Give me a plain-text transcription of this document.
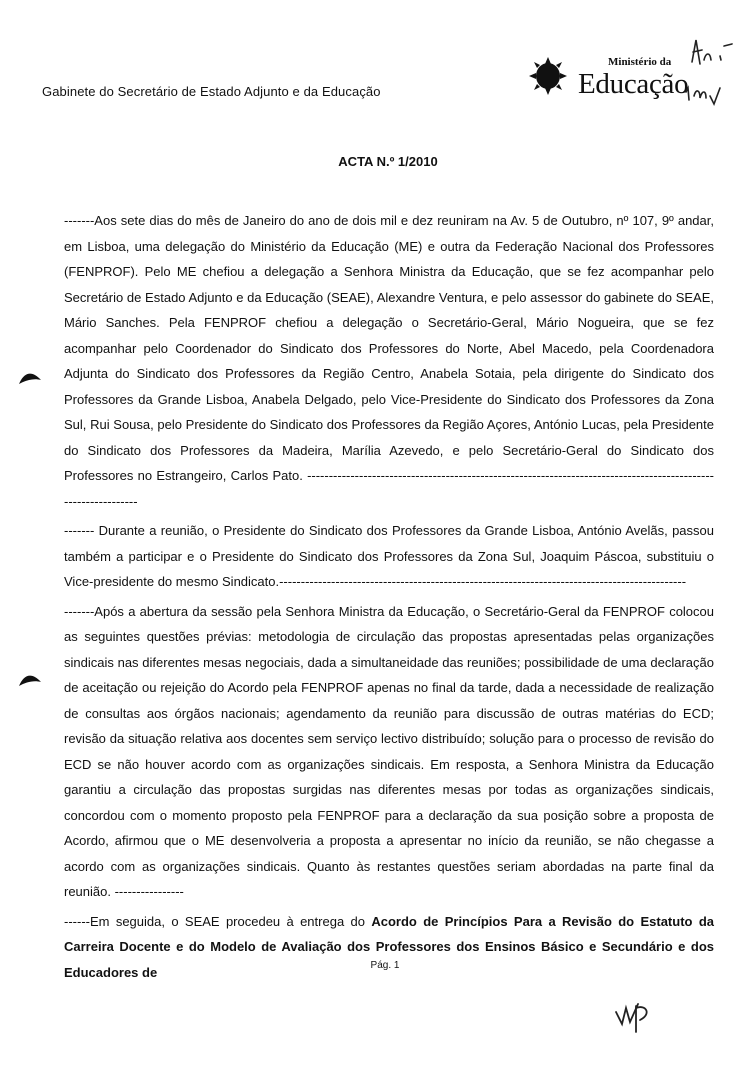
Gabinete do Secretário de Estado Adjunto e da Educação
Ministério da
Educação
ACTA N.º 1/2010

-------Aos sete dias do mês de Janeiro do ano de dois mil e dez reuniram na Av. 5 de Outubro, nº 107, 9º andar, em Lisboa, uma delegação do Ministério da Educação (ME) e outra da Federação Nacional dos Professores (FENPROF). Pelo ME chefiou a delegação a Senhora Ministra da Educação, que se fez acompanhar pelo Secretário de Estado Adjunto e da Educação (SEAE), Alexandre Ventura, e pelo assessor do gabinete do SEAE, Mário Sanches. Pela FENPROF chefiou a delegação o Secretário-Geral, Mário Nogueira, que se fez acompanhar pelo Coordenador do Sindicato dos Professores do Norte, Abel Macedo, pela Coordenadora Adjunta do Sindicato dos Professores da Região Centro, Anabela Sotaia, pela dirigente do Sindicato dos Professores da Grande Lisboa, Anabela Delgado, pelo Vice-Presidente do Sindicato dos Professores da Zona Sul, Rui Sousa, pelo Presidente do Sindicato dos Professores da Região Açores, António Lucas, pela Presidente do Sindicato dos Professores da Madeira, Marília Azevedo, e pelo Secretário-Geral do Sindicato dos Professores no Estrangeiro, Carlos Pato. ---------------------------------------------------------------------------------------------------------------

------- Durante a reunião, o Presidente do Sindicato dos Professores da Grande Lisboa, António Avelãs, passou também a participar e o Presidente do Sindicato dos Professores da Zona Sul, Joaquim Páscoa, substituiu o Vice-presidente do mesmo Sindicato.----------------------------------------------------------------------------------------------

-------Após a abertura da sessão pela Senhora Ministra da Educação, o Secretário-Geral da FENPROF colocou as seguintes questões prévias: metodologia de circulação das propostas apresentadas pelas organizações sindicais nas diferentes mesas negociais, dada a simultaneidade das reuniões; possibilidade de uma declaração de aceitação ou rejeição do Acordo pela FENPROF apenas no final da tarde, dada a necessidade de realização de consultas aos órgãos nacionais; agendamento da reunião para discussão de outras matérias do ECD; revisão da situação relativa aos docentes sem serviço lectivo distribuído; solução para o processo de revisão do ECD se não houver acordo com as organizações sindicais. Em resposta, a Senhora Ministra da Educação garantiu a circulação das propostas surgidas nas diferentes mesas por todas as organizações sindicais, concordou com o momento proposto pela FENPROF para a declaração da sua posição sobre a proposta de Acordo, afirmou que o ME desenvolveria a proposta a apresentar no início da reunião, se não chegasse a acordo com as organizações sindicais. Quanto às restantes questões seriam abordadas na parte final da reunião. ----------------

------Em seguida, o SEAE procedeu à entrega do Acordo de Princípios Para a Revisão do Estatuto da Carreira Docente e do Modelo de Avaliação dos Professores dos Ensinos Básico e Secundário e dos Educadores de	Pág. 1
